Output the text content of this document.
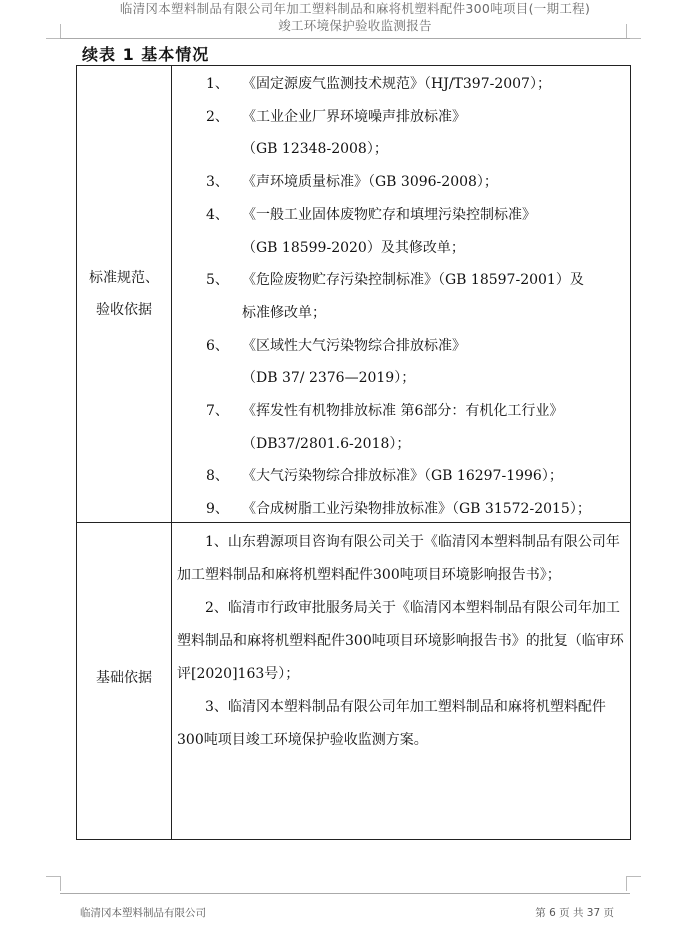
临清冈本塑料制品有限公司年加工塑料制品和麻将机塑料配件300吨项目(一期工程)
竣工环境保护验收监测报告
续表 1 基本情况
标准规范、
验收依据
1、 《固定源废气监测技术规范》（HJ/T397-2007）；
2、 《工业企业厂界环境噪声排放标准》
（GB 12348-2008）；
3、 《声环境质量标准》（GB 3096-2008）；
4、 《一般工业固体废物贮存和填埋污染控制标准》
（GB 18599-2020）及其修改单；
5、 《危险废物贮存污染控制标准》（GB 18597-2001）及
标准修改单；
6、 《区域性大气污染物综合排放标准》
（DB 37/ 2376—2019）；
7、 《挥发性有机物排放标准 第6部分：有机化工行业》
（DB37/2801.6-2018）；
8、 《大气污染物综合排放标准》（GB 16297-1996）；
9、 《合成树脂工业污染物排放标准》（GB 31572-2015）；
基础依据

1、山东碧源项目咨询有限公司关于《临清冈本塑料制品有限公司年加工塑料制品和麻将机塑料配件300吨项目环境影响报告书》；

2、临清市行政审批服务局关于《临清冈本塑料制品有限公司年加工塑料制品和麻将机塑料配件300吨项目环境影响报告书》的批复（临审环评[2020]163号）；

3、临清冈本塑料制品有限公司年加工塑料制品和麻将机塑料配件300吨项目竣工环境保护验收监测方案。

临清冈本塑料制品有限公司	第 6 页 共 37 页
